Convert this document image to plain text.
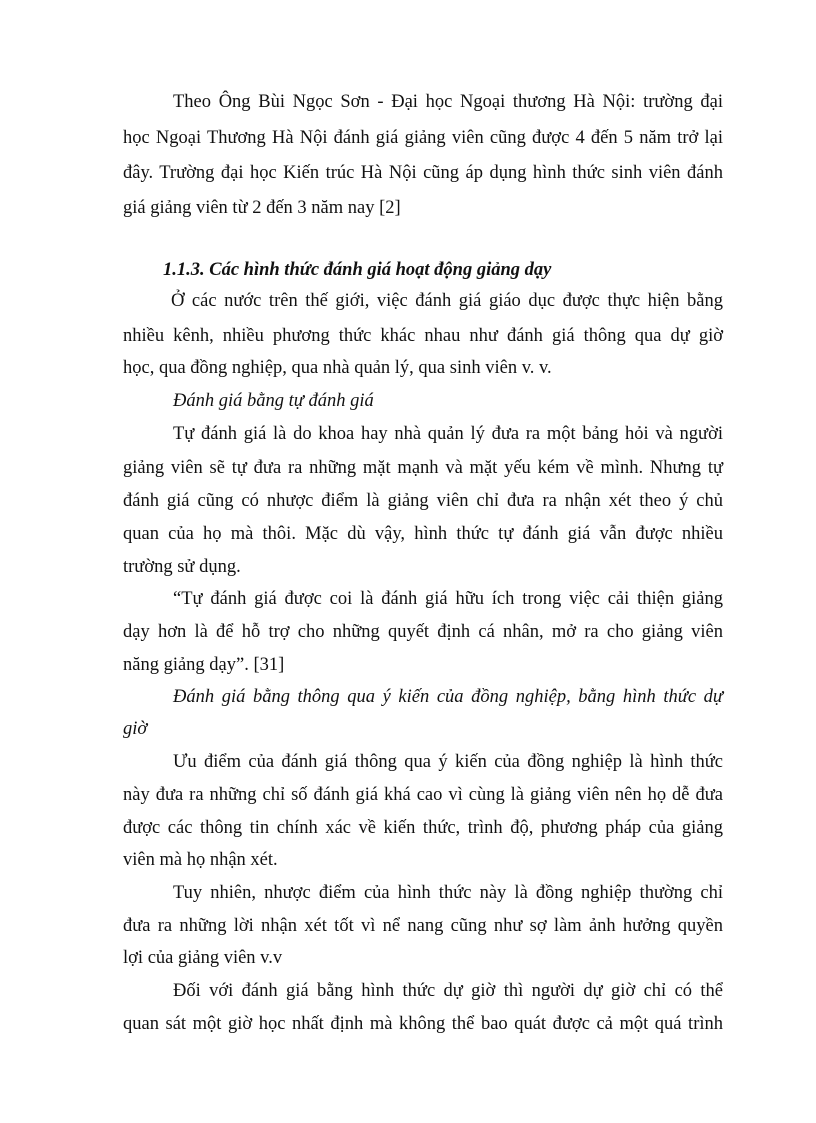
Theo Ông Bùi Ngọc Sơn - Đại học Ngoại thương Hà Nội: trường đại
học Ngoại Thương Hà Nội đánh giá giảng viên cũng được 4 đến 5 năm trở lại
đây. Trường đại học Kiến trúc Hà Nội cũng áp dụng hình thức sinh viên đánh
giá giảng viên từ 2 đến 3 năm nay [2]
1.1.3. Các hình thức đánh giá hoạt động giảng dạy
Ở các nước trên thế giới, việc đánh giá giáo dục được thực hiện bằng
nhiều kênh, nhiều phương thức khác nhau như đánh giá thông qua dự giờ
học, qua đồng nghiệp, qua nhà quản lý, qua sinh viên v. v.
Đánh giá bằng tự đánh giá
Tự đánh giá là do khoa hay nhà quản lý đưa ra một bảng hỏi và người
giảng viên sẽ tự đưa ra những mặt mạnh và mặt yếu kém về mình. Nhưng tự
đánh giá cũng có nhược điểm là giảng viên chỉ đưa ra nhận xét theo ý chủ
quan của họ mà thôi. Mặc dù vậy, hình thức tự đánh giá vẫn được nhiều
trường sử dụng.
“Tự đánh giá được coi là đánh giá hữu ích trong việc cải thiện giảng
dạy hơn là để hỗ trợ cho những quyết định cá nhân, mở ra cho giảng viên
năng giảng dạy”. [31]
Đánh giá bằng thông qua ý kiến của đồng nghiệp, bằng hình thức dự
giờ
Ưu điểm của đánh giá thông qua ý kiến của đồng nghiệp là hình thức
này đưa ra những chỉ số đánh giá khá cao vì cùng là giảng viên nên họ dễ đưa
được các thông tin chính xác về kiến thức, trình độ, phương pháp của giảng
viên mà họ nhận xét.
Tuy nhiên, nhược điểm của hình thức này là đồng nghiệp thường chỉ
đưa ra những lời nhận xét tốt vì nể nang cũng như sợ làm ảnh hưởng quyền
lợi của giảng viên v.v
Đối với đánh giá bằng hình thức dự giờ thì người dự giờ chỉ có thể
quan sát một giờ học nhất định mà không thể bao quát được cả một quá trình
